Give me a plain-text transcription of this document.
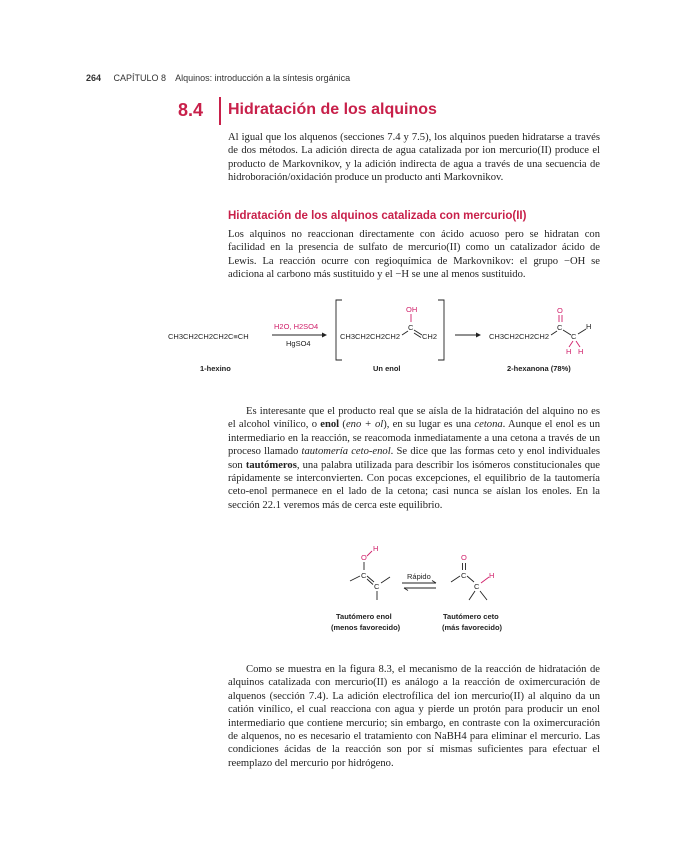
264 CAPÍTULO 8 Alquinos: introducción a la síntesis orgánica
8.4 Hidratación de los alquinos
Al igual que los alquenos (secciones 7.4 y 7.5), los alquinos pueden hidratarse a través de dos métodos. La adición directa de agua catalizada por ion mercurio(II) produce el producto de Markovnikov, y la adición indirecta de agua a través de una secuencia de hidroboración/oxidación produce un producto anti Markovnikov.
Hidratación de los alquinos catalizada con mercurio(II)
Los alquinos no reaccionan directamente con ácido acuoso pero se hidratan con facilidad en la presencia de sulfato de mercurio(II) como un catalizador ácido de Lewis. La reacción ocurre con regioquímica de Markovnikov: el grupo −OH se adiciona al carbono más sustituido y el −H se une al menos sustituido.
CH3CH2CH2CH2C≡CH
H2O, H2SO4
HgSO4
CH3CH2CH2CH2
C
OH
CH2	CH3CH2CH2CH2
C
O
C
H
H H
1-hexino	Un enol	2-hexanona (78%)
Es interesante que el producto real que se aísla de la hidratación del alquino no es el alcohol vinílico, o enol (eno + ol), en su lugar es una cetona. Aunque el enol es un intermediario en la reacción, se reacomoda inmediatamente a una cetona a través de un proceso llamado tautomería ceto-enol. Se dice que las formas ceto y enol individuales son tautómeros, una palabra utilizada para describir los isómeros constitucionales que rápidamente se interconvierten. Con pocas excepciones, el equilibrio de la tautomería ceto-enol permanece en el lado de la cetona; casi nunca se aíslan los enoles. En la sección 22.1 veremos más de cerca este equilibrio.
O
H
C
C
Rápido
O
C
C
H
Tautómero enol
(menos favorecido)
Tautómero ceto
(más favorecido)
Como se muestra en la figura 8.3, el mecanismo de la reacción de hidratación de alquinos catalizada con mercurio(II) es análogo a la reacción de oximercuración de alquenos (sección 7.4). La adición electrofílica del ion mercurio(II) al alquino da un catión vinílico, el cual reacciona con agua y pierde un protón para producir un enol intermediario que contiene mercurio; sin embargo, en contraste con la oximercuración de alquenos, no es necesario el tratamiento con NaBH4 para eliminar el mercurio. Las condiciones ácidas de la reacción son por sí mismas suficientes para efectuar el reemplazo del mercurio por hidrógeno.
